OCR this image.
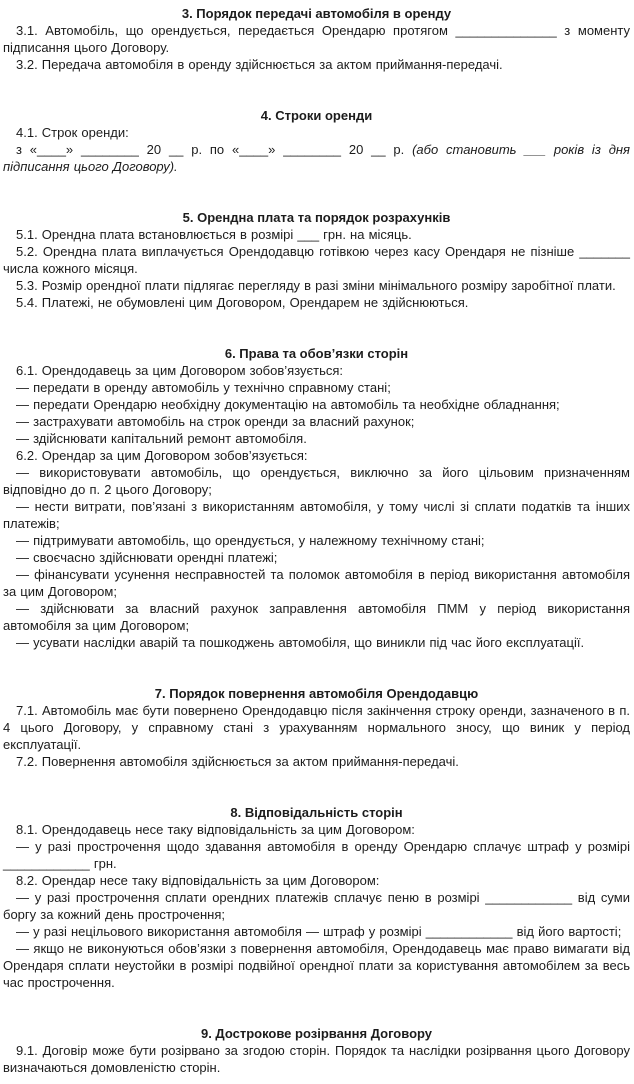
3. Порядок передачі автомобіля в оренду

3.1. Автомобіль, що орендується, передається Орендарю протягом ______________ з моменту підписання цього Договору.

3.2. Передача автомобіля в оренду здійснюється за актом приймання-передачі.

4. Строки оренди

4.1. Строк оренди:

з «____» ________ 20 __ р. по «____» ________ 20 __ р. (або становить ___ років із дня підписання цього Договору).

5. Орендна плата та порядок розрахунків

5.1. Орендна плата встановлюється в розмірі ___ грн. на місяць.

5.2. Орендна плата виплачується Орендодавцю готівкою через касу Орендаря не пізніше _______ числа кожного місяця.

5.3. Розмір орендної плати підлягає перегляду в разі зміни мінімального розміру заробітної плати.

5.4. Платежі, не обумовлені цим Договором, Орендарем не здійснюються.

6. Права та обов’язки сторін

6.1. Орендодавець за цим Договором зобов’язується:

— передати в оренду автомобіль у технічно справному стані;

— передати Орендарю необхідну документацію на автомобіль та необхідне обладнання;

— застрахувати автомобіль на строк оренди за власний рахунок;

— здійснювати капітальний ремонт автомобіля.

6.2. Орендар за цим Договором зобов’язується:

— використовувати автомобіль, що орендується, виключно за його цільовим призначенням відповідно до п. 2 цього Договору;

— нести витрати, пов’язані з використанням автомобіля, у тому числі зі сплати податків та інших платежів;

— підтримувати автомобіль, що орендується, у належному технічному стані;

— своєчасно здійснювати орендні платежі;

— фінансувати усунення несправностей та поломок автомобіля в період використання автомобіля за цим Договором;

— здійснювати за власний рахунок заправлення автомобіля ПММ у період використання автомобіля за цим Договором;

— усувати наслідки аварій та пошкоджень автомобіля, що виникли під час його експлуатації.

7. Порядок повернення автомобіля Орендодавцю

7.1. Автомобіль має бути повернено Орендодавцю після закінчення строку оренди, зазначеного в п. 4 цього Договору, у справному стані з урахуванням нормального зносу, що виник у період експлуатації.

7.2. Повернення автомобіля здійснюється за актом приймання-передачі.

8. Відповідальність сторін

8.1. Орендодавець несе таку відповідальність за цим Договором:

— у разі прострочення щодо здавання автомобіля в оренду Орендарю сплачує штраф у розмірі ____________ грн.

8.2. Орендар несе таку відповідальність за цим Договором:

— у разі прострочення сплати орендних платежів сплачує пеню в розмірі ____________ від суми боргу за кожний день прострочення;

— у разі нецільового використання автомобіля — штраф у розмірі ____________ від його вартості;

— якщо не виконуються обов’язки з повернення автомобіля, Орендодавець має право вимагати від Орендаря сплати неустойки в розмірі подвійної орендної плати за користування автомобілем за весь час прострочення.

9. Дострокове розірвання Договору

9.1. Договір може бути розірвано за згодою сторін. Порядок та наслідки розірвання цього Договору визначаються домовленістю сторін.
